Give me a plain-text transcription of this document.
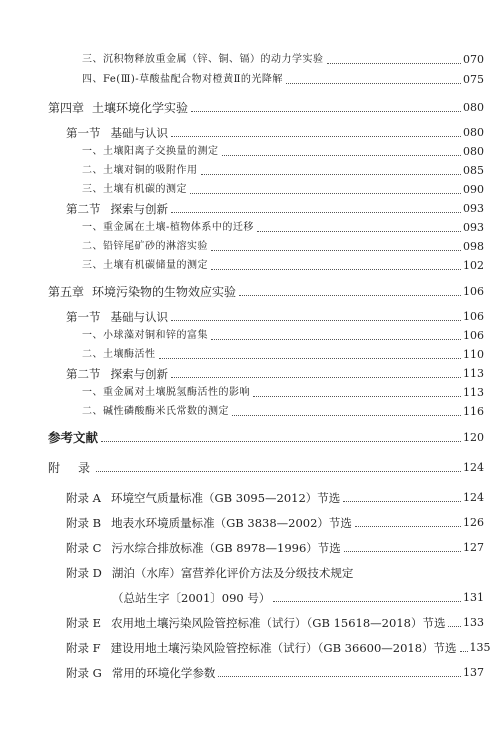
三、沉积物释放重金属（锌、铜、镉）的动力学实验	070
四、Fe(Ⅲ)-草酸盐配合物对橙黄Ⅱ的光降解	075
第四章 土壤环境化学实验	080
第一节 基础与认识	080
一、土壤阳离子交换量的测定	080
二、土壤对铜的吸附作用	085
三、土壤有机碳的测定	090
第二节 探索与创新	093
一、重金属在土壤-植物体系中的迁移	093
二、铅锌尾矿砂的淋溶实验	098
三、土壤有机碳储量的测定	102
第五章 环境污染物的生物效应实验	106
第一节 基础与认识	106
一、小球藻对铜和锌的富集	106
二、土壤酶活性	110
第二节 探索与创新	113
一、重金属对土壤脱氢酶活性的影响	113
二、碱性磷酸酶米氏常数的测定	116
参考文献	120
附　录	124
附录 A 环境空气质量标准（GB 3095—2012）节选	124
附录 B 地表水环境质量标准（GB 3838—2002）节选	126
附录 C 污水综合排放标准（GB 8978—1996）节选	127
附录 D 湖泊（水库）富营养化评价方法及分级技术规定
（总站生字〔2001〕090 号）	131
附录 E 农用地土壤污染风险管控标准（试行）（GB 15618—2018）节选 133
附录 F 建设用地土壤污染风险管控标准（试行）（GB 36600—2018）节选 135
附录 G 常用的环境化学参数	137
